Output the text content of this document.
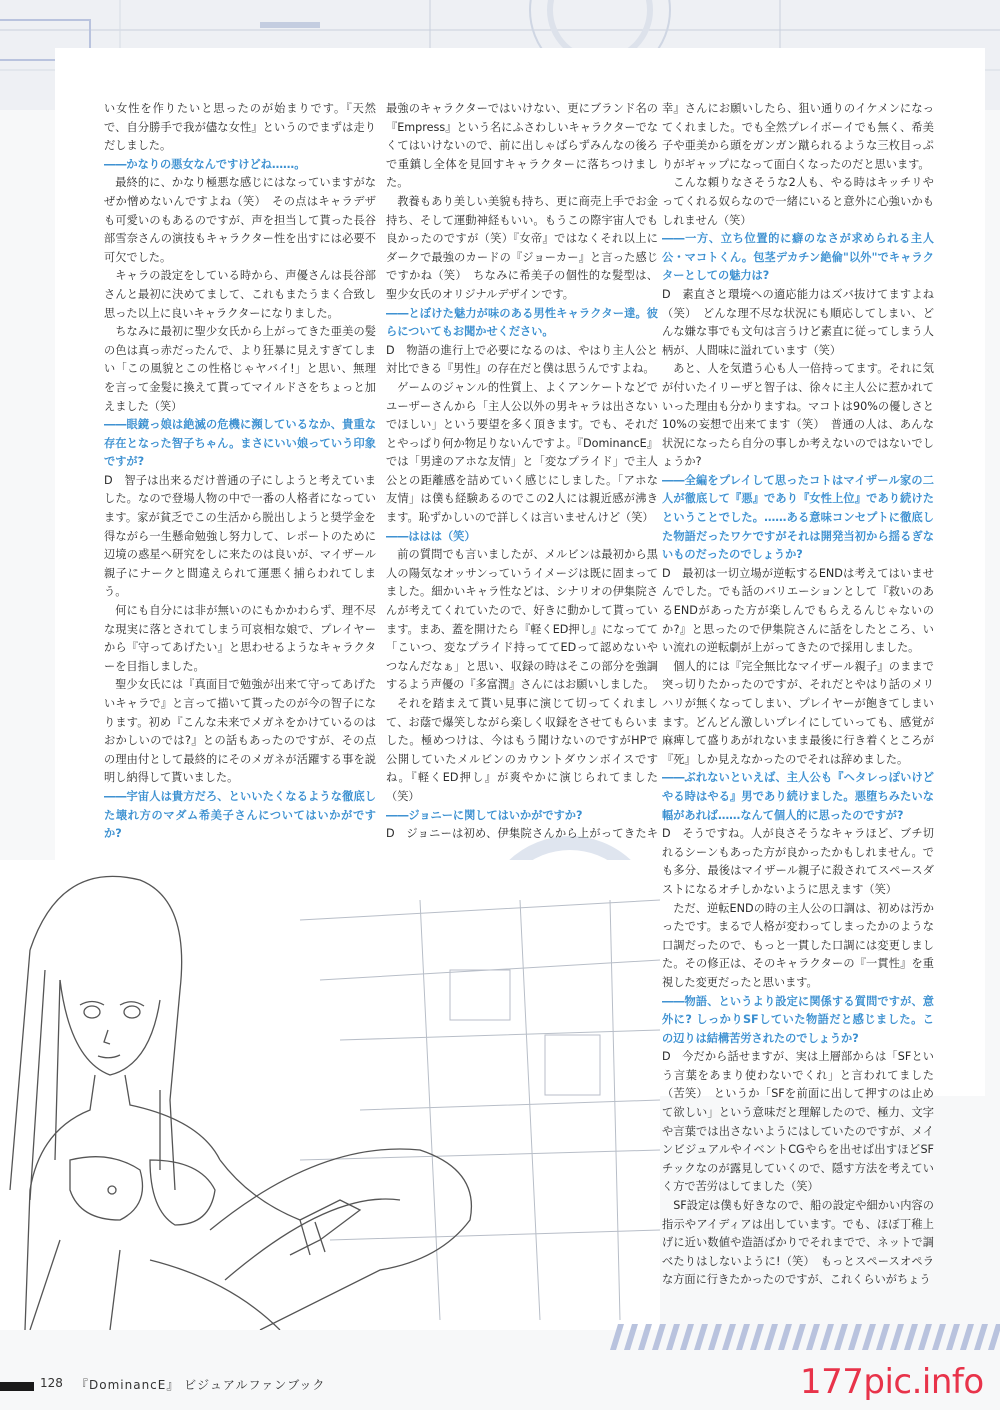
い女性を作りたいと思ったのが始まりです。『天然で、自分勝手で我が儘な女性』というのでまずは走りだしました。

――かなりの悪女なんですけどね……。

最終的に、かなり極悪な感じにはなっていますがなぜか憎めないんですよね（笑）　その点はキャラデザも可愛いのもあるのですが、声を担当して貰った長谷部雪奈さんの演技もキャラクター性を出すには必要不可欠でした。

キャラの設定をしている時から、声優さんは長谷部さんと最初に決めてまして、これもまたうまく合致し思った以上に良いキャラクターになりました。

ちなみに最初に聖少女氏から上がってきた亜美の髪の色は真っ赤だったんで、より狂暴に見えすぎてしまい「この風貌とこの性格じゃヤバイ!」と思い、無理を言って金髪に換えて貰ってマイルドさをちょっと加えました（笑）

――眼鏡っ娘は絶滅の危機に瀕しているなか、貴重な存在となった智子ちゃん。まさにいい娘っていう印象ですが?

D　智子は出来るだけ普通の子にしようと考えていました。なので登場人物の中で一番の人格者になっています。家が貧乏でこの生活から脱出しようと奨学金を得ながら一生懸命勉強し努力して、レポートのために辺境の惑星へ研究をしに来たのは良いが、マイザール親子にナークと間違えられて運悪く捕らわれてしまう。

何にも自分には非が無いのにもかかわらず、理不尽な現実に落とされてしまう可哀相な娘で、プレイヤーから『守ってあげたい』と思わせるようなキャラクターを目指しました。

聖少女氏には『真面目で勉強が出来て守ってあげたいキャラで』と言って描いて貰ったのが今の智子になります。初め『こんな未来でメガネをかけているのはおかしいのでは?』との話もあったのですが、その点の理由付として最終的にそのメガネが活躍する事を説明し納得して貰いました。

――宇宙人は貴方だろ、といいたくなるような徹底した壊れ方のマダム希美子さんについてはいかがですか?

最強のキャラクターではいけない、更にブランド名の『Empress』という名にふさわしいキャラクターでなくてはいけないので、前に出しゃばらずみんなの後ろで重鎮し全体を見回すキャラクターに落ちつけました。

教養もあり美しい美貌も持ち、更に商売上手でお金持ち、そして運動神経もいい。もうこの際宇宙人でも良かったのですが（笑）『女帝』ではなくそれ以上にダークで最強のカードの『ジョーカー』と言った感じですかね（笑）　ちなみに希美子の個性的な髪型は、聖少女氏のオリジナルデザインです。

――とぼけた魅力が味のある男性キャラクター達。彼らについてもお聞かせください。

D　物語の進行上で必要になるのは、やはり主人公と対比できる『男性』の存在だと僕は思うんですよね。

ゲームのジャンル的性質上、よくアンケートなどでユーザーさんから「主人公以外の男キャラは出さないでほしい」という要望を多く頂きます。でも、それだとやっぱり何か物足りないんですよ。『DominancE』では「男達のアホな友情」と「変なプライド」で主人公との距離感を詰めていく感じにしました。「アホな友情」は僕も経験あるのでこの2人には親近感が沸きます。恥ずかしいので詳しくは言いませんけど（笑）

――ははは（笑）

前の質問でも言いましたが、メルビンは最初から黒人の陽気なオッサンっていうイメージは既に固まってました。細かいキャラ性などは、シナリオの伊集院さんが考えてくれていたので、好きに動かして貰っています。まあ、蓋を開けたら『軽くED押し』になってて「こいつ、変なプライド持っててEDって認めないやつなんだなぁ」と思い、収録の時はそこの部分を強調するよう声優の『多富潤』さんにはお願いしました。

それを踏まえて貰い見事に演じて切ってくれまして、お蔭で爆笑しながら楽しく収録をさせてもらいました。極めつけは、今はもう聞けないのですがHPで公開していたメルビンのカウントダウンボイスですね。『軽くED押し』が爽やかに演じられてました（笑）

――ジョニーに関してはいかがですか?

D　ジョニーは初め、伊集院さんから上がってきたキ

幸』さんにお願いしたら、狙い通りのイケメンになってくれました。でも全然プレイボーイでも無く、希美子や亜美から頭をガンガン蹴られるような三枚目っぷりがギャップになって面白くなったのだと思います。

こんな頼りなさそうな2人も、やる時はキッチリやってくれる奴らなので一緒にいると意外に心強いかもしれません（笑）

――一方、立ち位置的に癖のなさが求められる主人公・マコトくん。包茎デカチン絶倫"以外"でキャラクターとしての魅力は?

D　素直さと環境への適応能力はズバ抜けてますよね（笑）　どんな理不尽な状況にも順応してしまい、どんな嫌な事でも文句は言うけど素直に従ってしまう人柄が、人間味に溢れています（笑）

あと、人を気遣う心も人一倍持ってます。それに気が付いたイリーザと智子は、徐々に主人公に惹かれていった理由も分かりますね。マコトは90%の優しさと10%の妄想で出来てます（笑）　普通の人は、あんな状況になったら自分の事しか考えないのではないでしょうか?

――全編をプレイして思ったコトはマイザール家の二人が徹底して『悪』であり『女性上位』であり続けたということでした。……ある意味コンセプトに徹底した物語だったワケですがそれは開発当初から揺るぎないものだったのでしょうか?

D　最初は一切立場が逆転するENDは考えてはいませんでした。でも話のバリエーションとして『救いのあるENDがあった方が楽しんでもらえるんじゃないのか?』と思ったので伊集院さんに話をしたところ、いい流れの逆転劇が上がってきたので採用しました。

個人的には『完全無比なマイザール親子』のままで突っ切りたかったのですが、それだとやはり話のメリハリが無くなってしまい、プレイヤーが飽きてしまいます。どんどん激しいプレイにしていっても、感覚が麻痺して盛りあがれないまま最後に行き着くところが『死』しか見えなかったのでそれは辞めました。

――ぶれないといえば、主人公も『ヘタレっぽいけどやる時はやる』男であり続けました。悪堕ちみたいな幅があれば……なんて個人的に思ったのですが?

D　そうですね。人が良さそうなキャラほど、ブチ切れるシーンもあった方が良かったかもしれません。でも多分、最後はマイザール親子に殺されてスペースダストになるオチしかないように思えます（笑）

ただ、逆転ENDの時の主人公の口調は、初めは汚かったです。まるで人格が変わってしまったかのような口調だったので、もっと一貫した口調には変更しました。その修正は、そのキャラクターの『一貫性』を重視した変更だったと思います。

――物語、というより設定に関係する質問ですが、意外に? しっかりSFしていた物語だと感じました。この辺りは結構苦労されたのでしょうか?

D　今だから話せますが、実は上層部からは「SFという言葉をあまり使わないでくれ」と言われてました（苦笑）　というか「SFを前面に出して押すのは止めて欲しい」という意味だと理解したので、極力、文字や言葉では出さないようにはしていたのですが、メインビジュアルやイベントCGやらを出せば出すほどSFチックなのが露見していくので、隠す方法を考えていく方で苦労はしてました（笑）

SF設定は僕も好きなので、船の設定や細かい内容の指示やアイディアは出しています。でも、ほぼ丁稚上げに近い数値や造語ばかりでそれまでで、ネットで調べたりはしないように!（笑）　もっとスペースオペラな方面に行きたかったのですが、これくらいがちょう

128 『DominancE』 ビジュアルファンブック	177pic.info
